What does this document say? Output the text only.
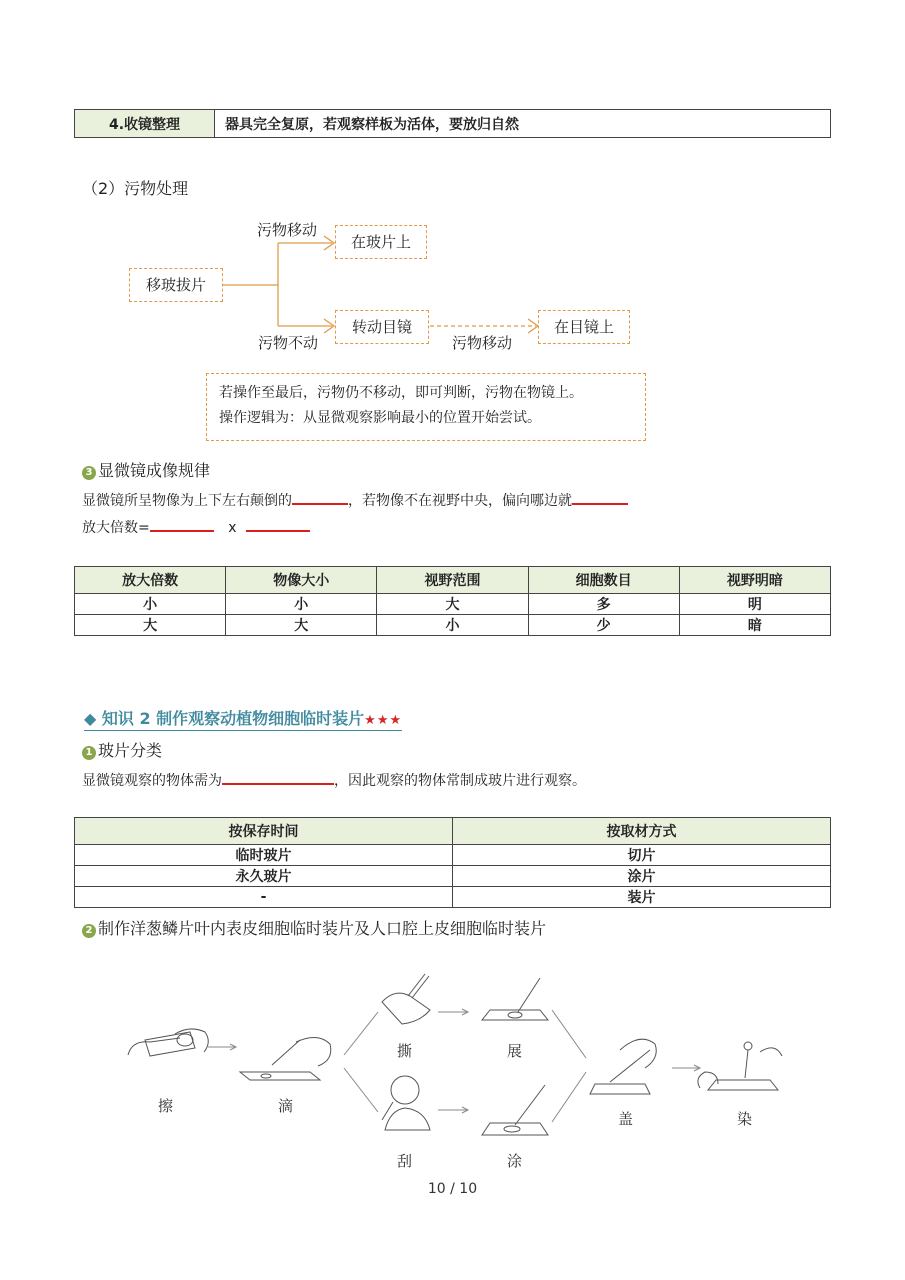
4.收镜整理	器具完全复原，若观察样板为活体，要放归自然
（2）污物处理
移玻拔片
污物移动
在玻片上
污物不动
转动目镜
污物移动
在目镜上
若操作至最后，污物仍不移动，即可判断，污物在物镜上。
操作逻辑为：从显微观察影响最小的位置开始尝试。
3 显微镜成像规律
显微镜所呈物像为上下左右颠倒的	，若物像不在视野中央，偏向哪边就
放大倍数=	x
放大倍数	物像大小	视野范围	细胞数目	视野明暗
小	小	大	多	明
大	大	小	少	暗
◆ 知识 2 制作观察动植物细胞临时装片★★★
1 玻片分类
显微镜观察的物体需为	，因此观察的物体常制成玻片进行观察。
按保存时间	按取材方式
临时玻片	切片
永久玻片	涂片
-	装片
2 制作洋葱鳞片叶内表皮细胞临时装片及人口腔上皮细胞临时装片
擦	滴
撕	展
刮	涂
盖	染
10 / 10
